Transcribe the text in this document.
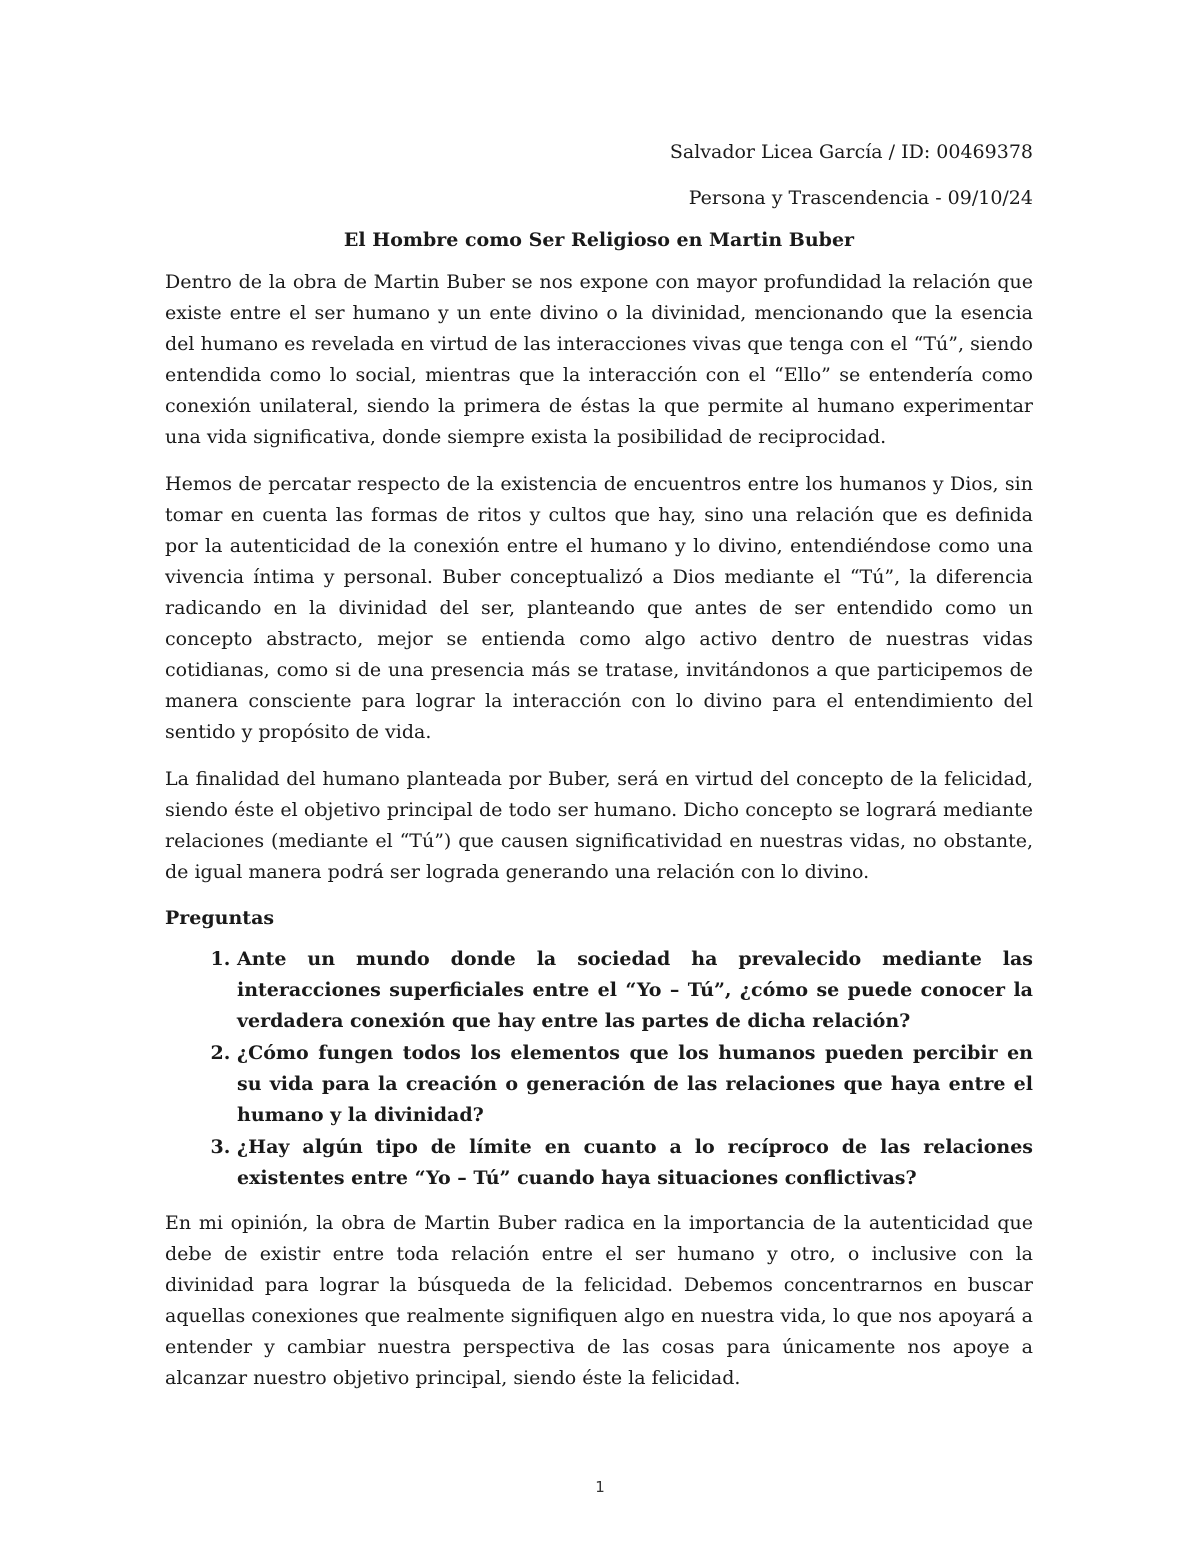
Salvador Licea García / ID: 00469378

Persona y Trascendencia - 09/10/24

El Hombre como Ser Religioso en Martin Buber

Dentro de la obra de Martin Buber se nos expone con mayor profundidad la relación que existe entre el ser humano y un ente divino o la divinidad, mencionando que la esencia del humano es revelada en virtud de las interacciones vivas que tenga con el “Tú”, siendo entendida como lo social, mientras que la interacción con el “Ello” se entendería como conexión unilateral, siendo la primera de éstas la que permite al humano experimentar una vida significativa, donde siempre exista la posibilidad de reciprocidad.

Hemos de percatar respecto de la existencia de encuentros entre los humanos y Dios, sin tomar en cuenta las formas de ritos y cultos que hay, sino una relación que es definida por la autenticidad de la conexión entre el humano y lo divino, entendiéndose como una vivencia íntima y personal. Buber conceptualizó a Dios mediante el “Tú”, la diferencia radicando en la divinidad del ser, planteando que antes de ser entendido como un concepto abstracto, mejor se entienda como algo activo dentro de nuestras vidas cotidianas, como si de una presencia más se tratase, invitándonos a que participemos de manera consciente para lograr la interacción con lo divino para el entendimiento del sentido y propósito de vida.

La finalidad del humano planteada por Buber, será en virtud del concepto de la felicidad, siendo éste el objetivo principal de todo ser humano. Dicho concepto se logrará mediante relaciones (mediante el “Tú”) que causen significatividad en nuestras vidas, no obstante, de igual manera podrá ser lograda generando una relación con lo divino.

Preguntas

1. Ante un mundo donde la sociedad ha prevalecido mediante las interacciones superficiales entre el “Yo – Tú”, ¿cómo se puede conocer la verdadera conexión que hay entre las partes de dicha relación?
2. ¿Cómo fungen todos los elementos que los humanos pueden percibir en su vida para la creación o generación de las relaciones que haya entre el humano y la divinidad?
3. ¿Hay algún tipo de límite en cuanto a lo recíproco de las relaciones existentes entre “Yo – Tú” cuando haya situaciones conflictivas?

En mi opinión, la obra de Martin Buber radica en la importancia de la autenticidad que debe de existir entre toda relación entre el ser humano y otro, o inclusive con la divinidad para lograr la búsqueda de la felicidad. Debemos concentrarnos en buscar aquellas conexiones que realmente signifiquen algo en nuestra vida, lo que nos apoyará a entender y cambiar nuestra perspectiva de las cosas para únicamente nos apoye a alcanzar nuestro objetivo principal, siendo éste la felicidad.

1
